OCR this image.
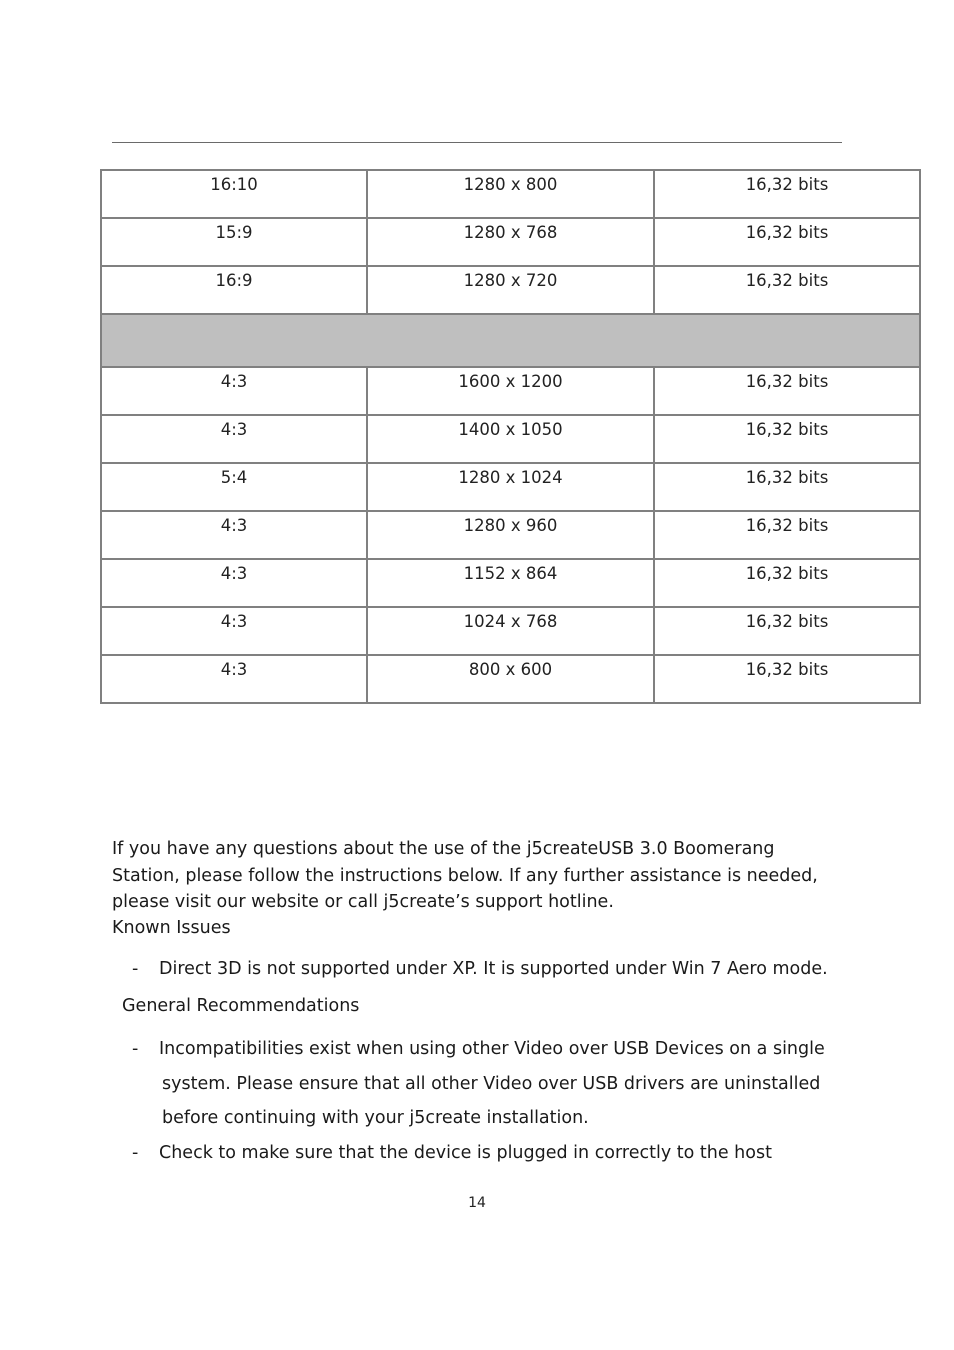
16:10	1280 x 800	16,32 bits
15:9	1280 x 768	16,32 bits
16:9	1280 x 720	16,32 bits

4:3	1600 x 1200	16,32 bits
4:3	1400 x 1050	16,32 bits
5:4	1280 x 1024	16,32 bits
4:3	1280 x 960	16,32 bits
4:3	1152 x 864	16,32 bits
4:3	1024 x 768	16,32 bits
4:3	800 x 600	16,32 bits

If you have any questions about the use of the j5createUSB 3.0 Boomerang

Station, please follow the instructions below. If any further assistance is needed,

please visit our website or call j5create’s support hotline.

Known Issues
- Direct 3D is not supported under XP. It is supported under Win 7 Aero mode.
General Recommendations
- Incompatibilities exist when using other Video over USB Devices on a single
system. Please ensure that all other Video over USB drivers are uninstalled
before continuing with your j5create installation.
- Check to make sure that the device is plugged in correctly to the host
14
